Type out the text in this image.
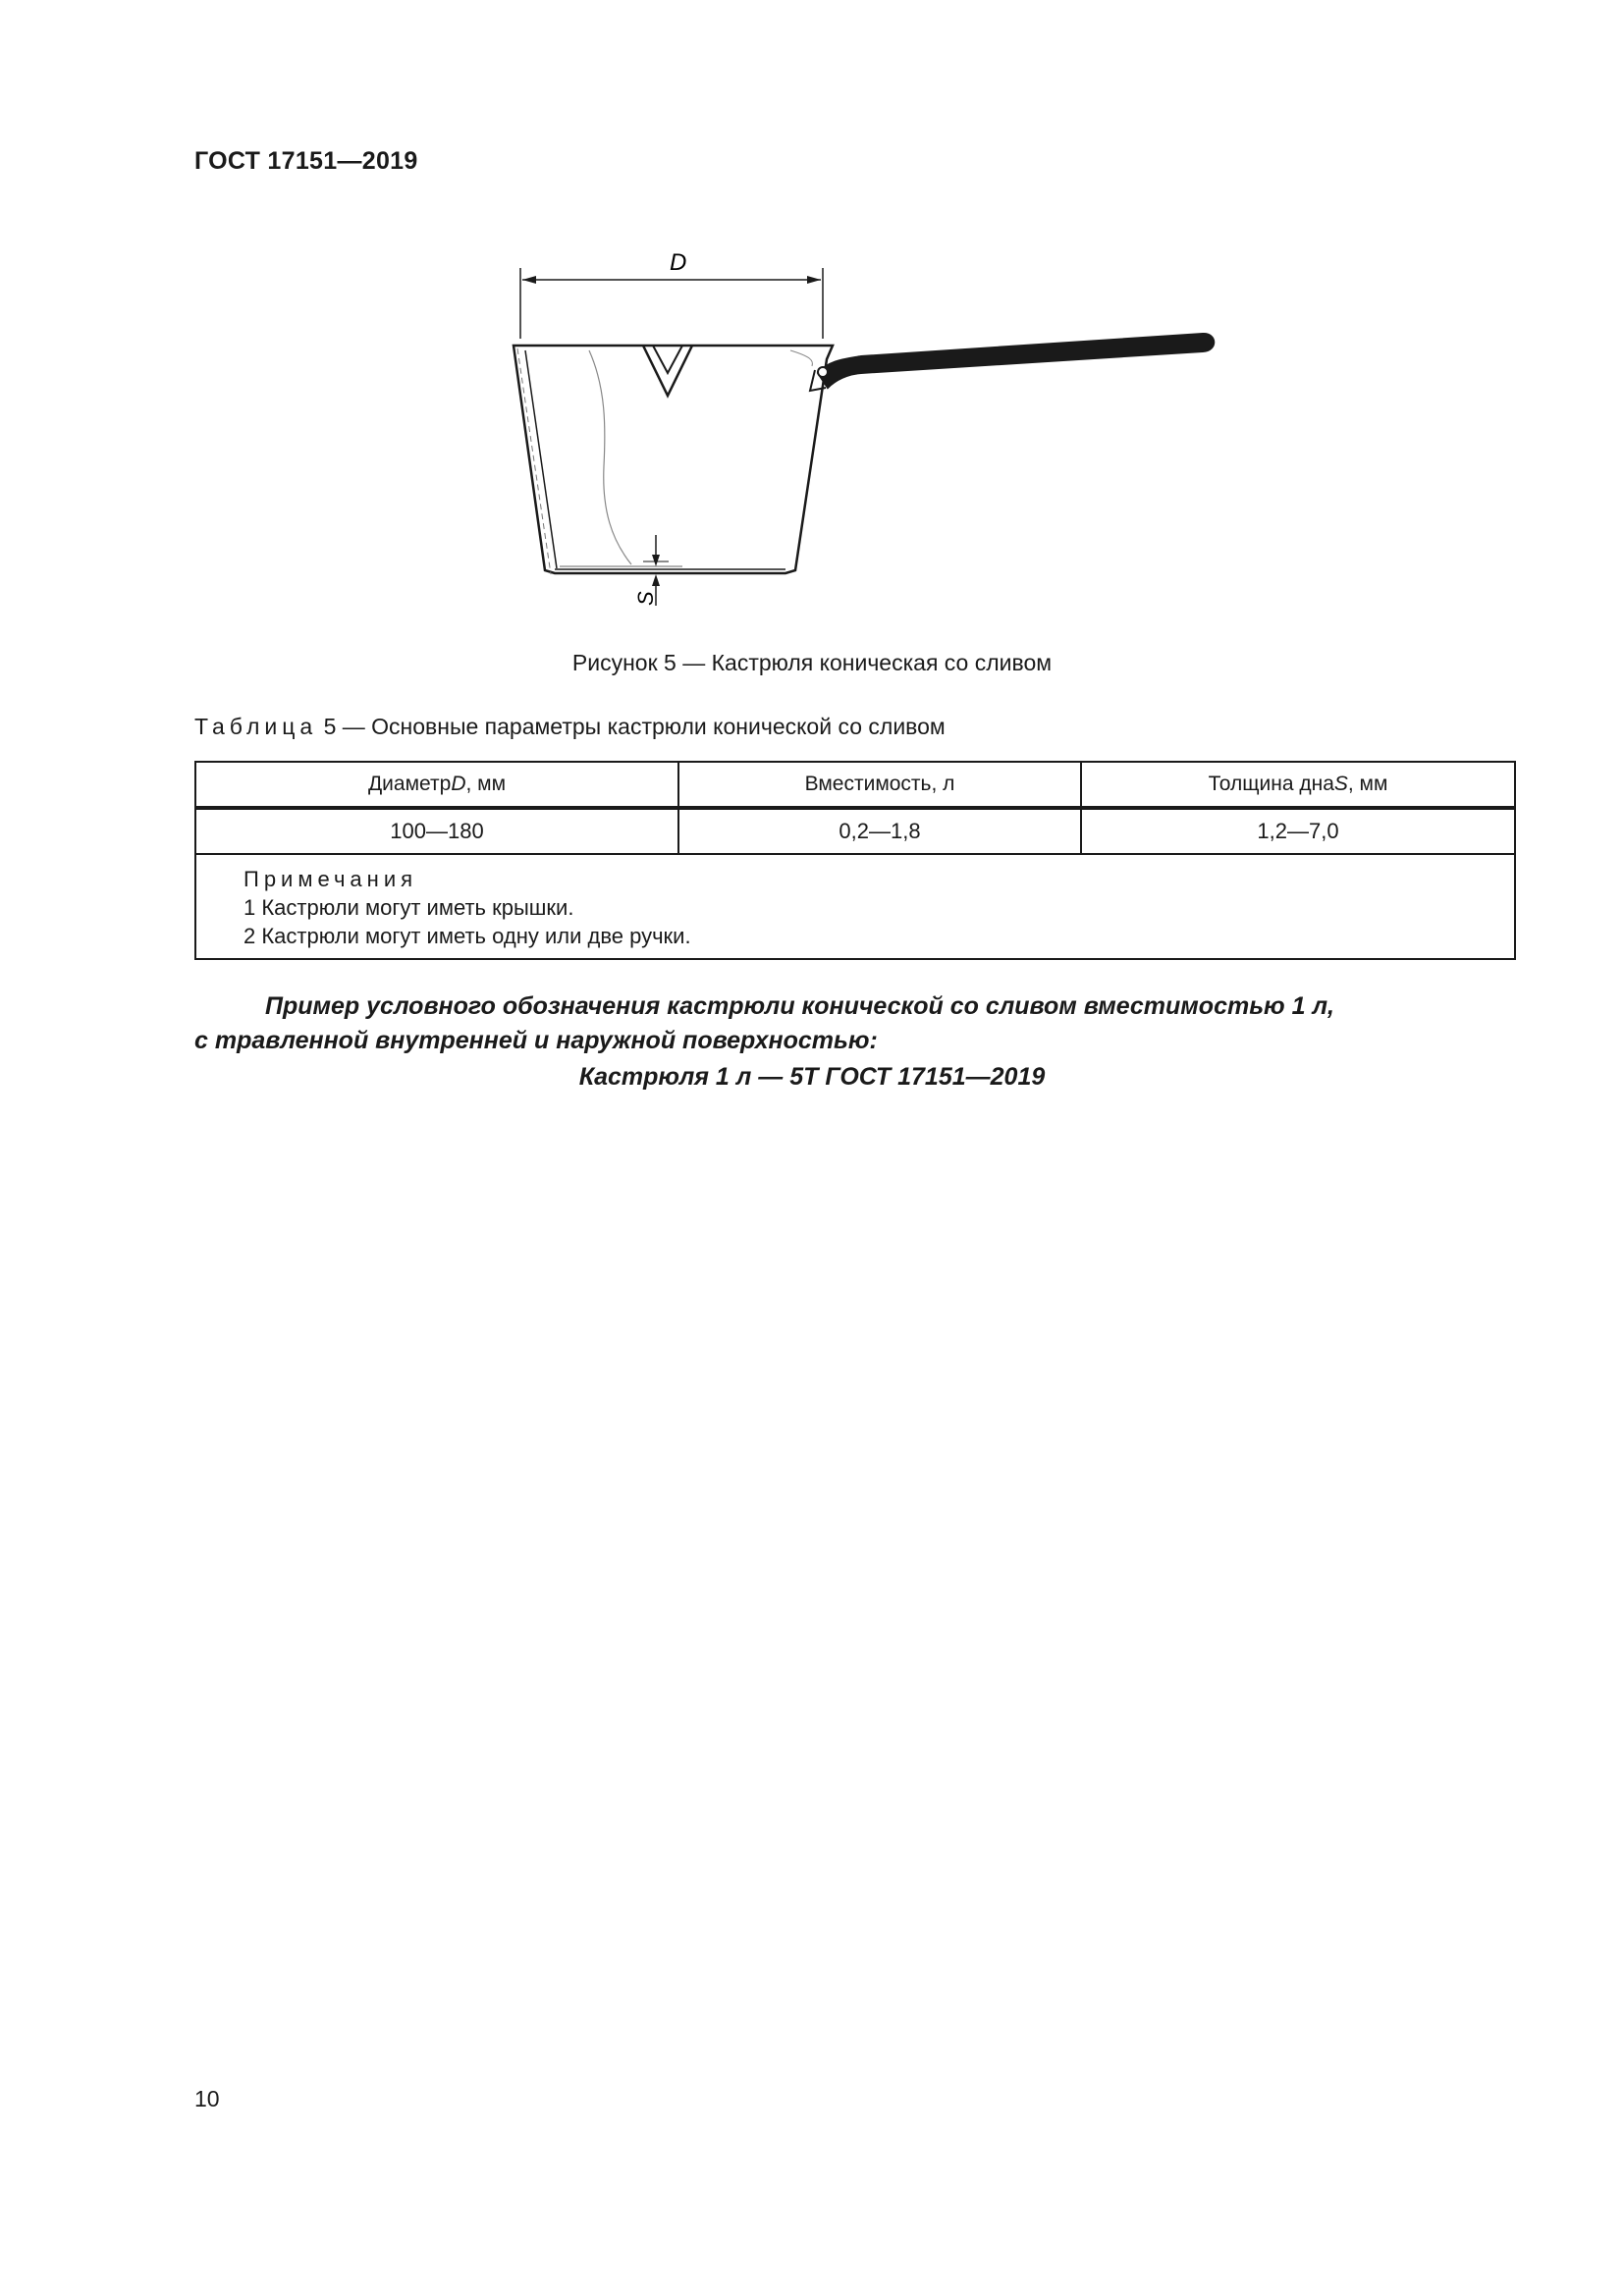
ГОСТ 17151—2019
D
S
Рисунок 5 — Кастрюля коническая со сливом
Таблица 5 — Основные параметры кастрюли конической со сливом
Диаметр D , мм	Вместимость, л	Толщина дна S , мм
100—180	0,2—1,8	1,2—7,0
Примечания
1 Кастрюли могут иметь крышки.
2 Кастрюли могут иметь одну или две ручки.
Пример условного обозначения кастрюли конической со сливом вместимостью 1 л,
с травленной внутренней и наружной поверхностью:
Кастрюля 1 л — 5Т ГОСТ 17151—2019
10
